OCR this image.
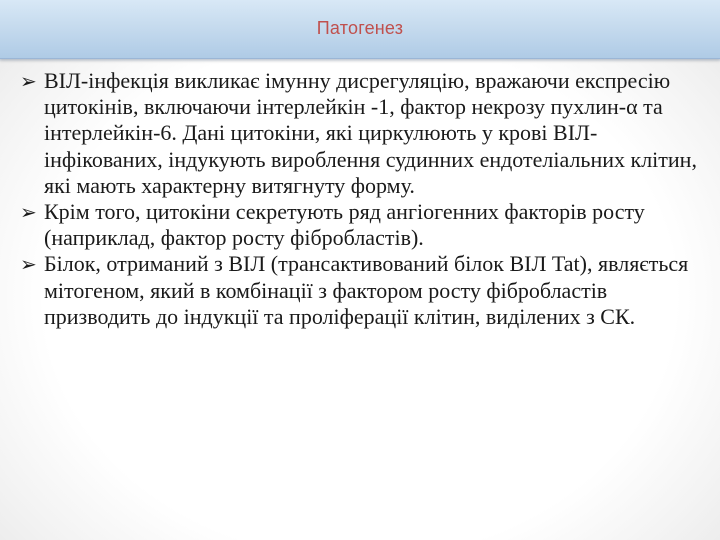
Патогенез
➢ ВІЛ-інфекція викликає імунну дисрегуляцію, вражаючи експресію цитокінів, включаючи інтерлейкін -1, фактор некрозу пухлин-α та інтерлейкін-6. Дані цитокіни, які циркулюють у крові ВІЛ-інфікованих, індукують вироблення судинних ендотеліальних клітин, які мають характерну витягнуту форму.
➢ Крім того, цитокіни секретують ряд ангіогенних факторів росту (наприклад, фактор росту фібробластів).
➢ Білок, отриманий з ВІЛ (трансактивований білок ВІЛ Tat), являється мітогеном, який в комбінації з фактором росту фібробластів призводить до індукції та проліферації клітин, виділених з СК.
